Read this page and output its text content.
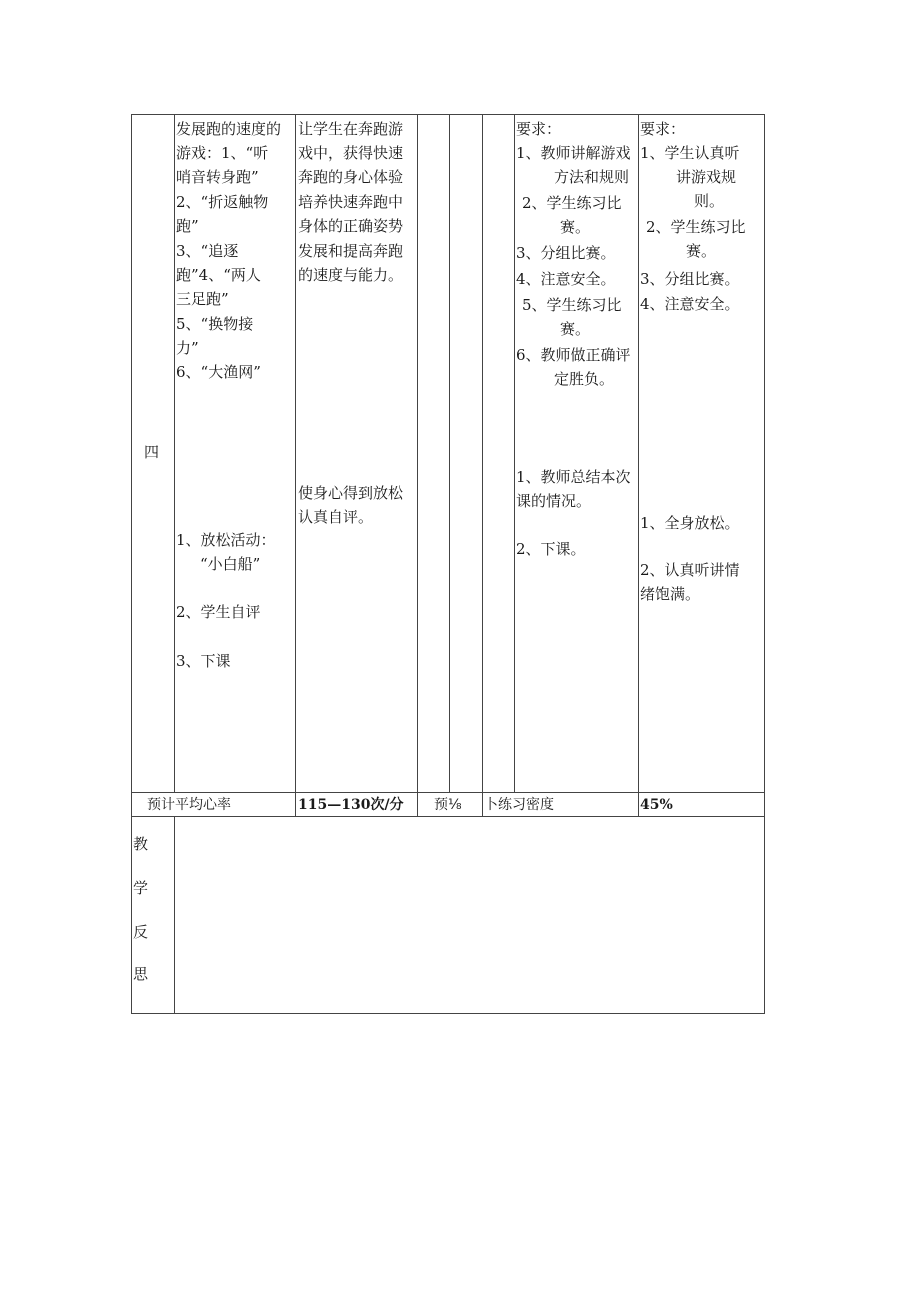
四
发展跑的速度的
游戏：1、“听
哨音转身跑”
2、“折返触物
跑”
3、“追逐
跑”4、“两人
三足跑”
5、“换物接
力”
6、“大渔网”
1、放松活动：
“小白船”
2、学生自评
3、下课
让学生在奔跑游
戏中，获得快速
奔跑的身心体验
培养快速奔跑中
身体的正确姿势
发展和提高奔跑
的速度与能力。
使身心得到放松
认真自评。
要求：
1、教师讲解游戏
方法和规则
2、学生练习比
赛。
3、分组比赛。
4、注意安全。
5、学生练习比
赛。
6、教师做正确评
定胜负。
1、教师总结本次
课的情况。
2、下课。
要求：
1、学生认真听
讲游戏规
则。
2、学生练习比
赛。
3、分组比赛。
4、注意安全。
1、全身放松。
2、认真听讲情
绪饱满。
预计平均心率	115—130次/分 预⅛ 卜练习密度	45%
教
学
反
思
